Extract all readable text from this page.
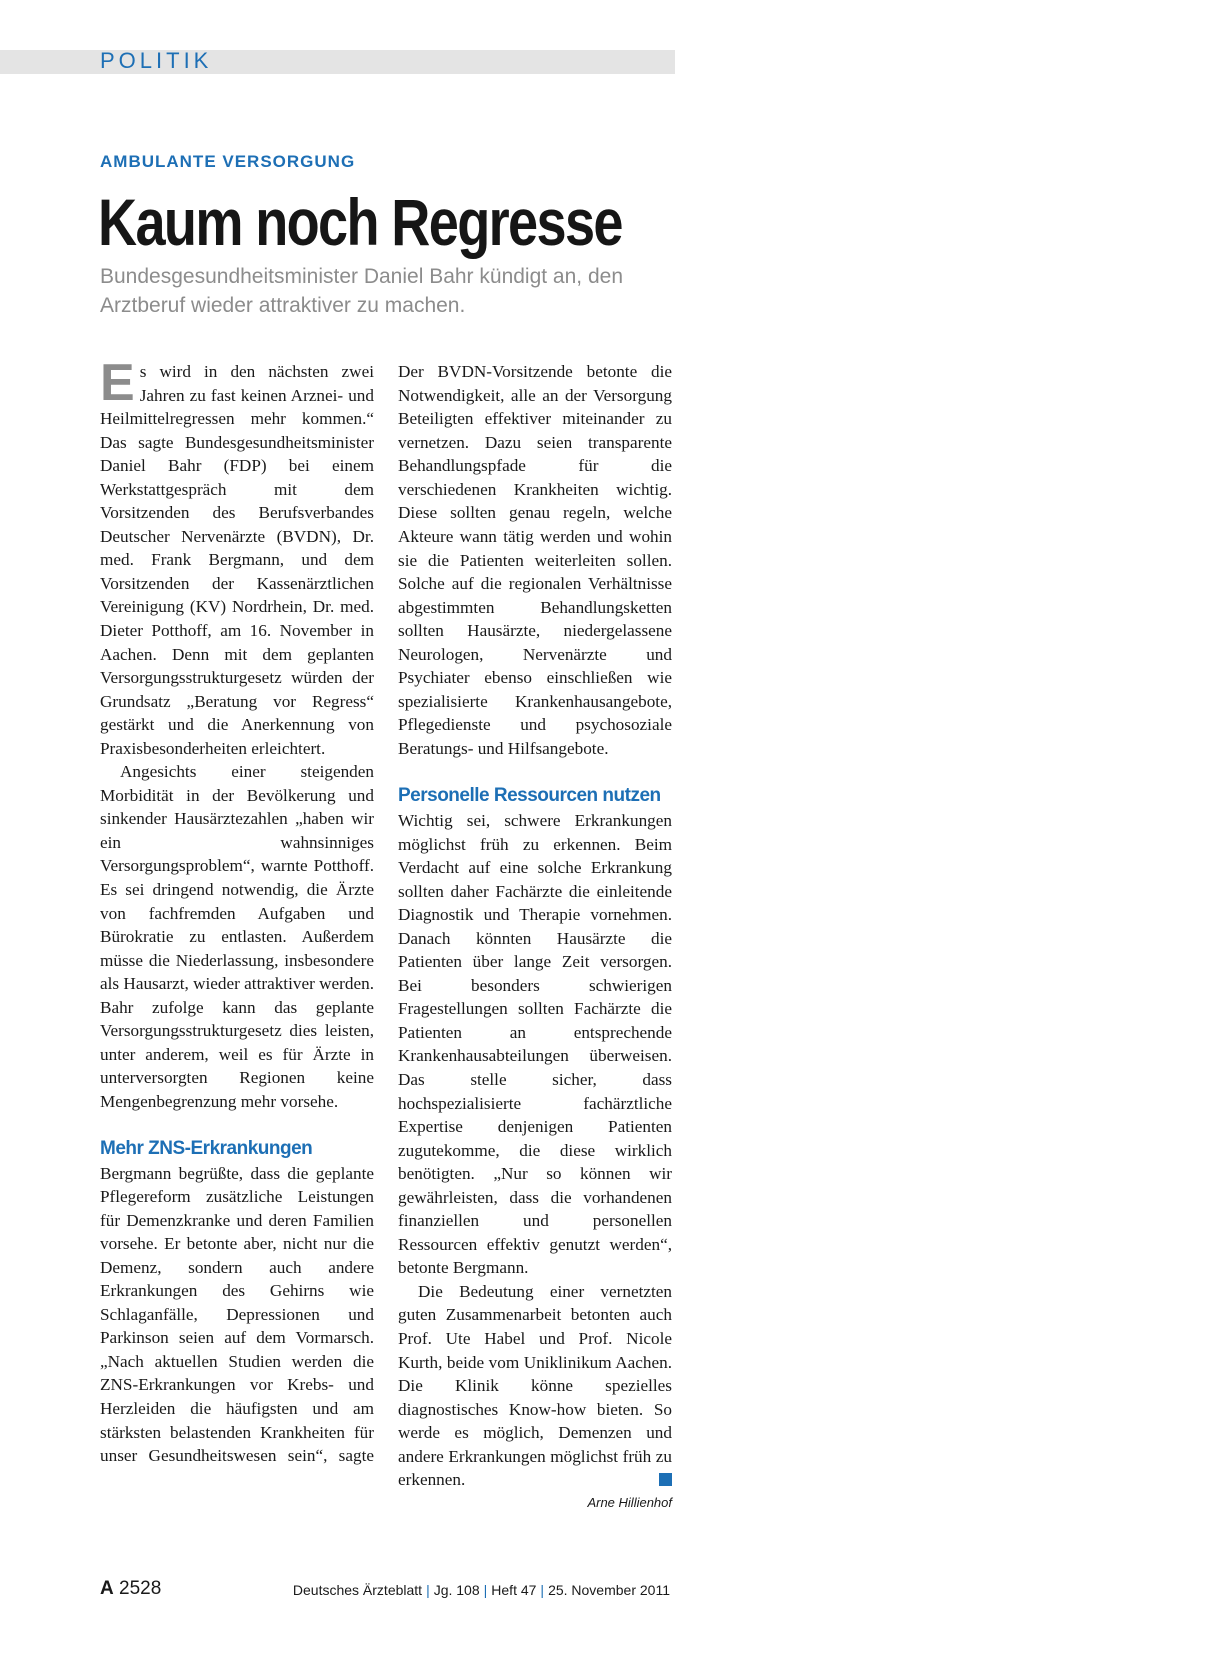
POLITIK
AMBULANTE VERSORGUNG
Kaum noch Regresse
Bundesgesundheitsminister Daniel Bahr kündigt an, den Arztberuf wieder attraktiver zu machen.

Es wird in den nächsten zwei Jahren zu fast keinen Arznei- und Heilmittelregressen mehr kommen.“ Das sagte Bundesgesundheitsminister Daniel Bahr (FDP) bei einem Werkstattgespräch mit dem Vorsitzenden des Berufsverbandes Deutscher Nervenärzte (BVDN), Dr. med. Frank Bergmann, und dem Vorsitzenden der Kassenärztlichen Vereinigung (KV) Nordrhein, Dr. med. Dieter Potthoff, am 16. November in Aachen. Denn mit dem geplanten Versorgungsstrukturgesetz würden der Grundsatz „Beratung vor Regress“ gestärkt und die Anerkennung von Praxisbesonderheiten erleichtert.

Angesichts einer steigenden Morbidität in der Bevölkerung und sinkender Hausärztezahlen „haben wir ein wahnsinniges Versorgungsproblem“, warnte Potthoff. Es sei dringend notwendig, die Ärzte von fachfremden Aufgaben und Bürokratie zu entlasten. Außerdem müsse die Niederlassung, insbesondere als Hausarzt, wieder attraktiver werden. Bahr zufolge kann das geplante Versorgungsstrukturgesetz dies leisten, unter anderem, weil es für Ärzte in unterversorgten Regionen keine Mengenbegrenzung mehr vorsehe.

Mehr ZNS-Erkrankungen

Bergmann begrüßte, dass die geplante Pflegereform zusätzliche Leistungen für Demenzkranke und deren Familien vorsehe. Er betonte aber, nicht nur die Demenz, sondern auch andere Erkrankungen des Gehirns wie Schlaganfälle, Depressionen und Parkinson seien auf dem Vormarsch. „Nach aktuellen Studien werden die ZNS-Erkrankungen vor Krebs- und Herzleiden die häufigsten und am stärksten belastenden Krankheiten für unser Gesundheitswesen sein“, sagte

Der BVDN-Vorsitzende betonte die Notwendigkeit, alle an der Versorgung Beteiligten effektiver miteinander zu vernetzen. Dazu seien transparente Behandlungspfade für die verschiedenen Krankheiten wichtig. Diese sollten genau regeln, welche Akteure wann tätig werden und wohin sie die Patienten weiterleiten sollen. Solche auf die regionalen Verhältnisse abgestimmten Behandlungsketten sollten Hausärzte, niedergelassene Neurologen, Nervenärzte und Psychiater ebenso einschließen wie spezialisierte Krankenhausangebote, Pflegedienste und psychosoziale Beratungs- und Hilfsangebote.

Personelle Ressourcen nutzen

Wichtig sei, schwere Erkrankungen möglichst früh zu erkennen. Beim Verdacht auf eine solche Erkrankung sollten daher Fachärzte die einleitende Diagnostik und Therapie vornehmen. Danach könnten Hausärzte die Patienten über lange Zeit versorgen. Bei besonders schwierigen Fragestellungen sollten Fachärzte die Patienten an entsprechende Krankenhausabteilungen überweisen. Das stelle sicher, dass hochspezialisierte fachärztliche Expertise denjenigen Patienten zugutekomme, die diese wirklich benötigten. „Nur so können wir gewährleisten, dass die vorhandenen finanziellen und personellen Ressourcen effektiv genutzt werden“, betonte Bergmann.

Die Bedeutung einer vernetzten guten Zusammenarbeit betonten auch Prof. Ute Habel und Prof. Nicole Kurth, beide vom Uniklinikum Aachen. Die Klinik könne spezielles diagnostisches Know-how bieten. So werde es möglich, Demenzen und andere Erkrankungen möglichst früh zu erkennen.

Arne Hillienhof
A 2528	Deutsches Ärzteblatt | Jg. 108 | Heft 47 | 25. November 2011
